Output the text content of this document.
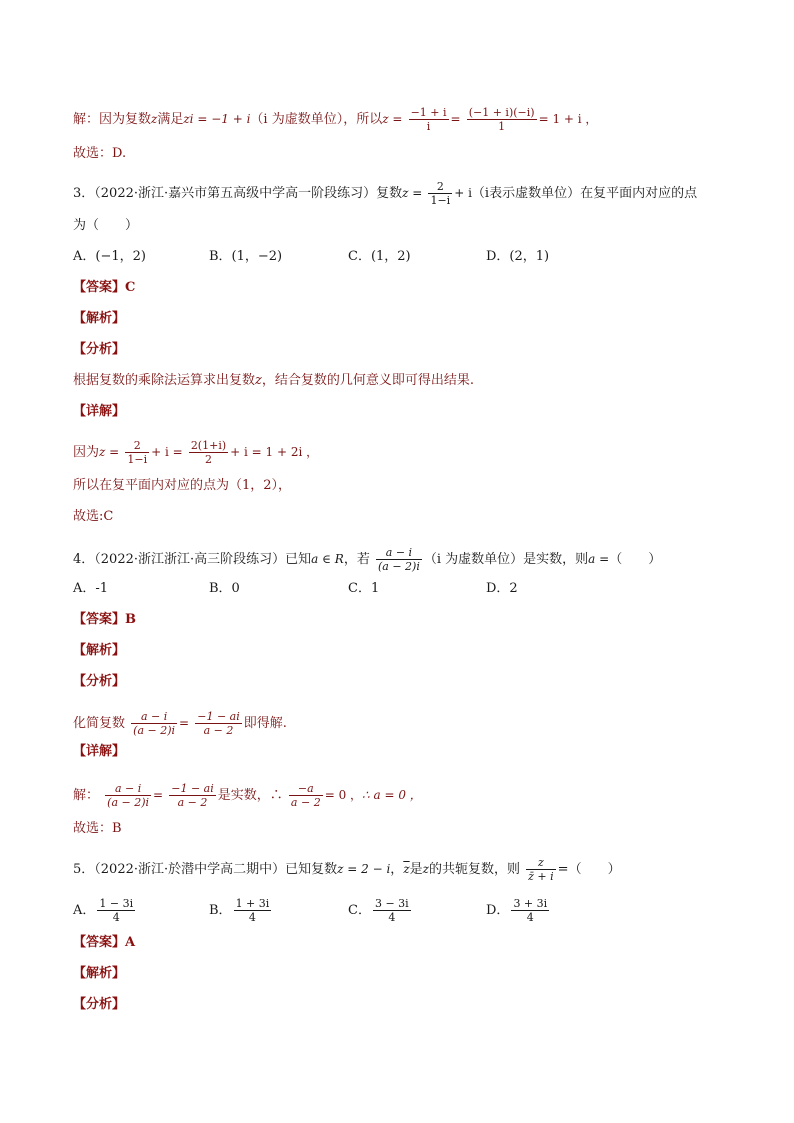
解：因为复数z满足zi = −1 + i（i 为虚数单位），所以$z = \frac{-1 + i}{i} = \frac{(-1 + i)(-i)}{1} = 1 + i$ ，
故选：D.
3．（2022·浙江·嘉兴市第五高级中学高一阶段练习）复数$z = \frac{2}{1-i} + i(i$表示虚数单位）在复平面内对应的点
为（　　）
A．(−1，2)	B．(1，−2)	C．(1，2)	D．(2，1)
【答案】C
【解析】
【分析】
根据复数的乘除法运算求出复数z，结合复数的几何意义即可得出结果.
【详解】
因为$z = \frac{2}{1-i} + i = \frac{2(1+i)}{2} + i = 1 + 2i$ ，
所以在复平面内对应的点为（1，2），
故选:C
4．（2022·浙江浙江·高三阶段练习）已知a ∈ R，若 $\frac{a - i}{(a - 2)i} (i$ 为虚数单位）是实数，则a =（　　）
A．-1	B．0	C．1	D．2
【答案】B
【解析】
【分析】
化简复数 $\frac{a - i}{(a - 2)i} = \frac{-1 - ai}{a - 2}$ 即得解.
【详解】
解： $\frac{a - i}{(a - 2)i} = \frac{-1 - ai}{a - 2}$ 是实数，∴ $\frac{-a}{a - 2} = 0$ ，∴ a = 0 ，
故选：B
5．（2022·浙江·於潜中学高二期中）已知复数z = 2 − i，$\overline{z}$是z的共轭复数，则 $\frac{z}{z̄ + i}$ =（　　）
A． $\frac{1 - 3i}{4}$	B． $\frac{1 + 3i}{4}$	C． $\frac{3 - 3i}{4}$	D． $\frac{3 + 3i}{4}$
【答案】A
【解析】
【分析】
